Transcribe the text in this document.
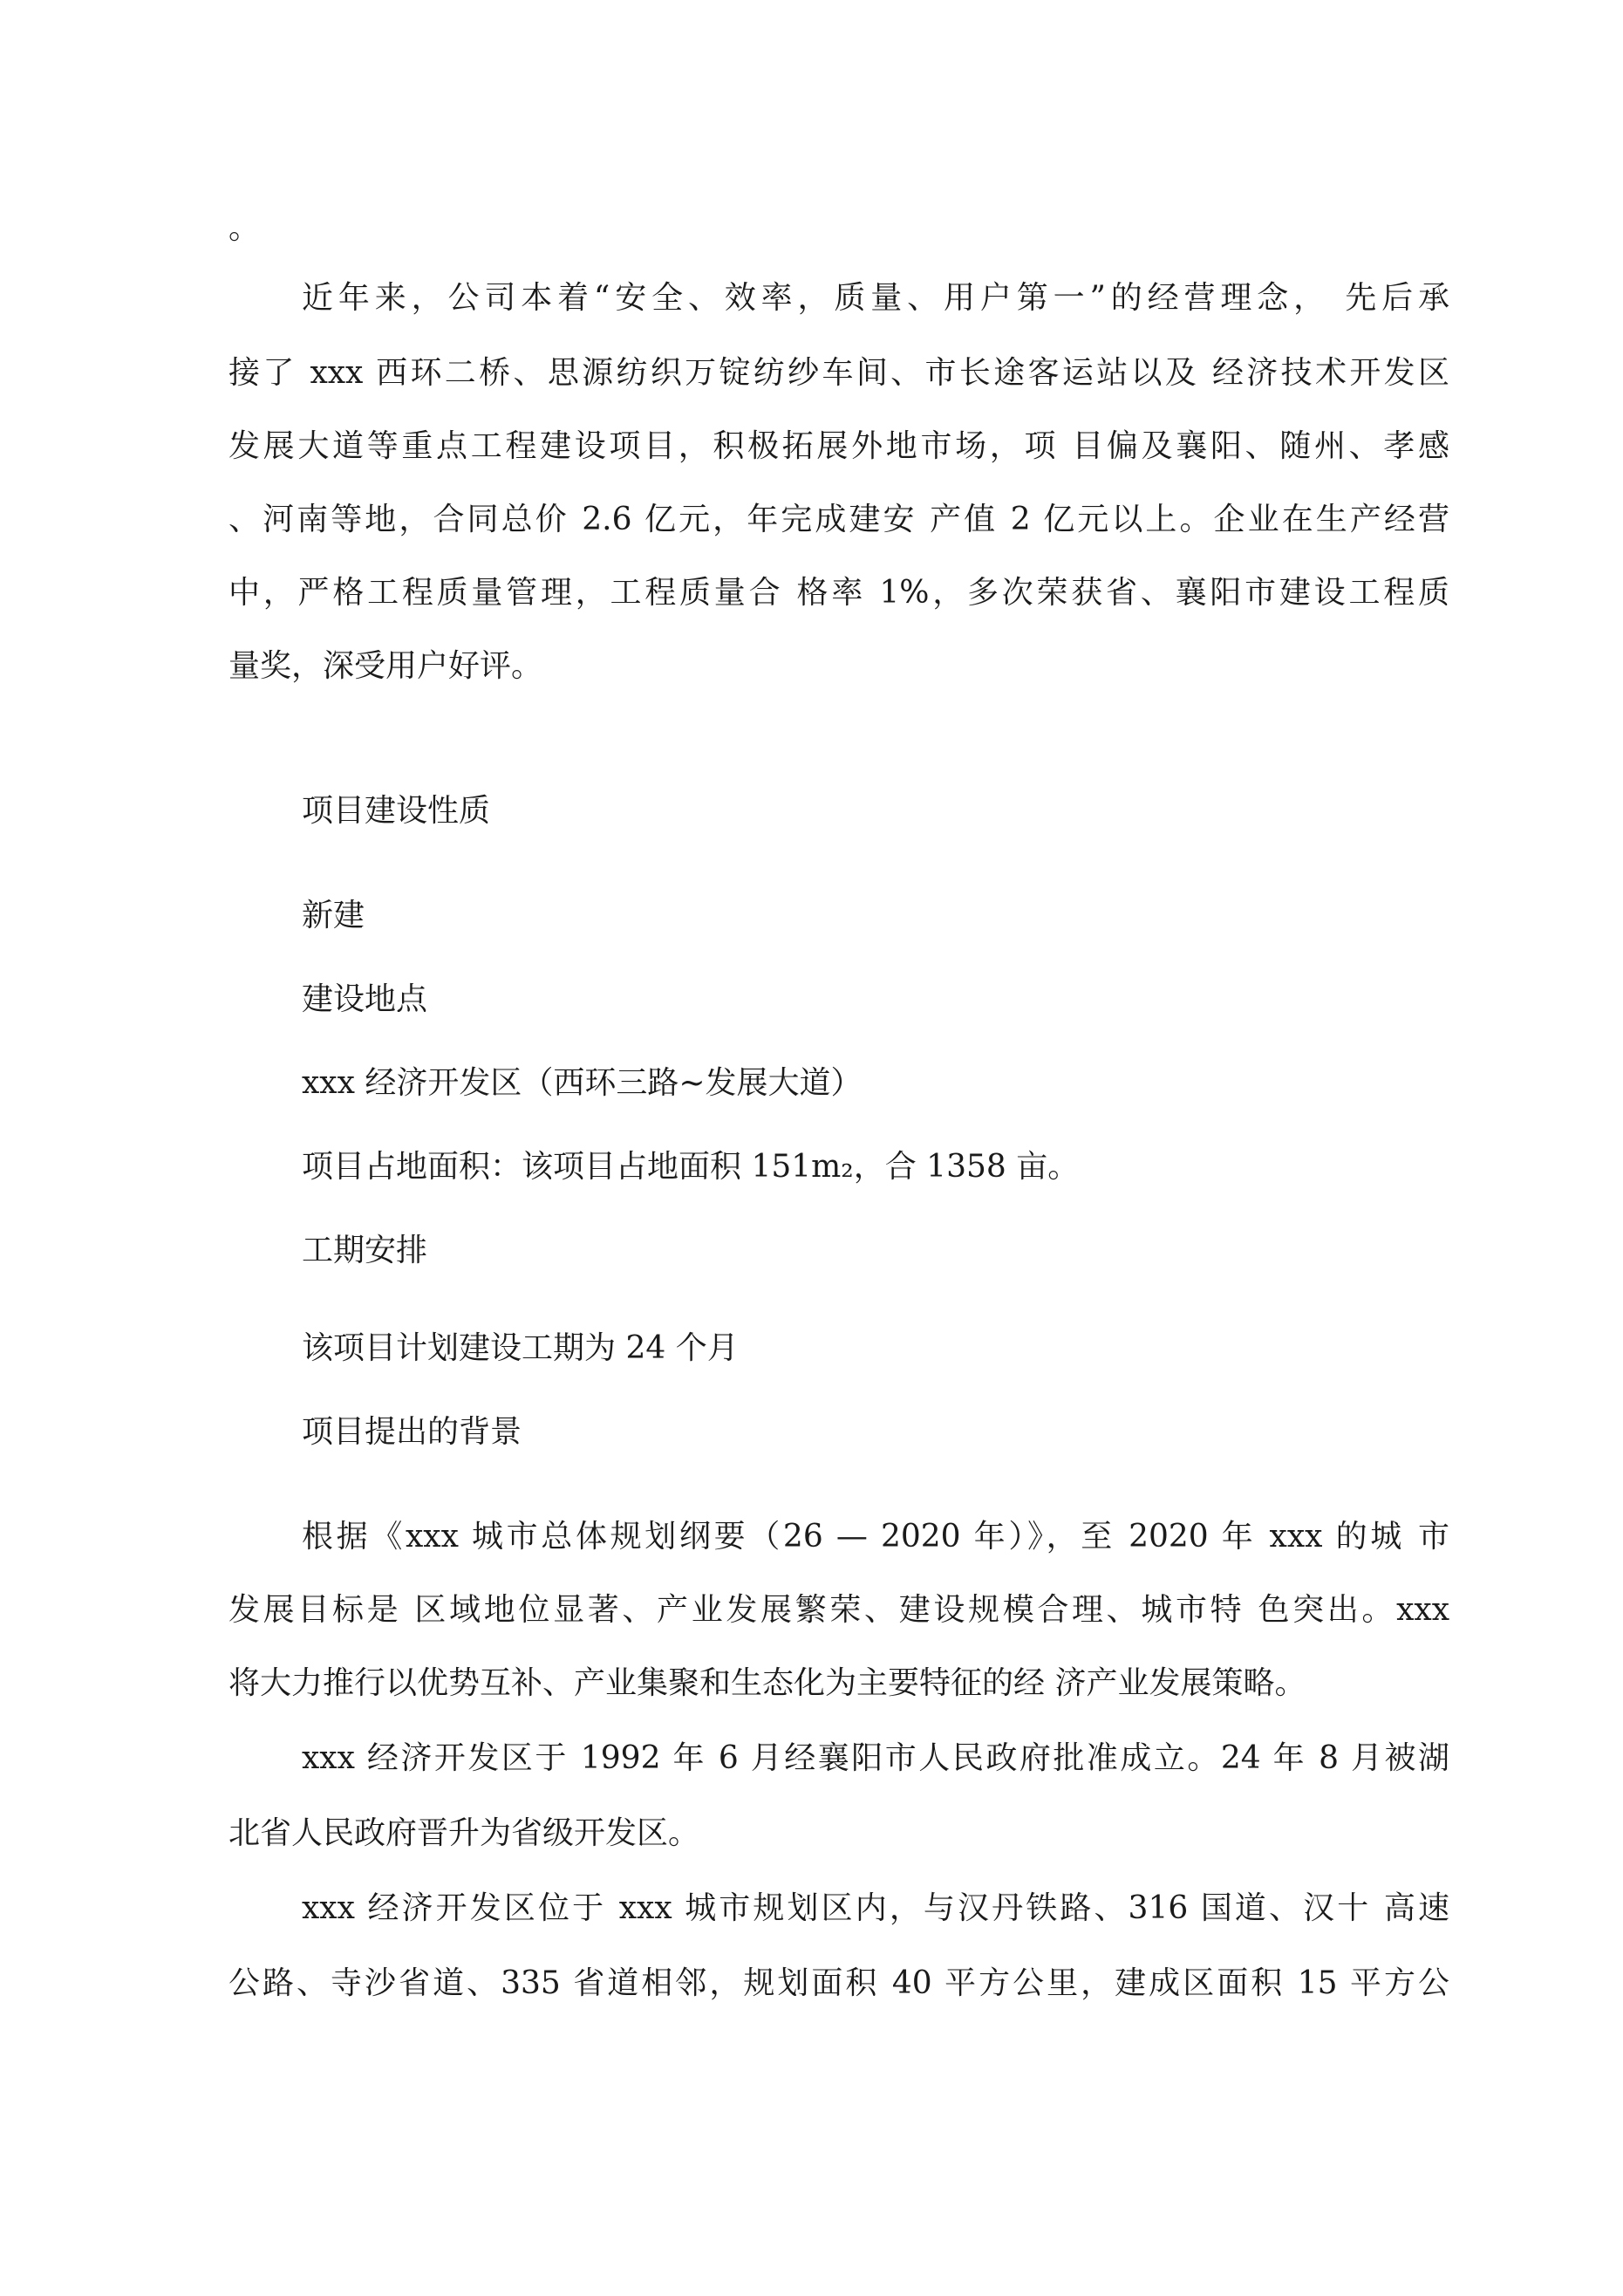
。
近年来，公司本着“安全、效率，质量、用户第一”的经营理念， 先后承
接了 xxx 西环二桥、思源纺织万锭纺纱车间、市长途客运站以及 经济技术开发区
发展大道等重点工程建设项目，积极拓展外地市场，项 目偏及襄阳、随州、孝感
、河南等地，合同总价 2.6 亿元，年完成建安 产值 2 亿元以上。企业在生产经营
中，严格工程质量管理，工程质量合 格率 1%，多次荣获省、襄阳市建设工程质
量奖，深受用户好评。
项目建设性质
新建
建设地点
xxx 经济开发区（西环三路~发展大道）
项目占地面积：该项目占地面积 151m₂，合 1358 亩。
工期安排
该项目计划建设工期为 24 个月
项目提出的背景
根据《xxx 城市总体规划纲要（26 — 2020 年）》，至 2020 年 xxx 的城 市
发展目标是 区域地位显著、产业发展繁荣、建设规模合理、城市特 色突出。xxx
将大力推行以优势互补、产业集聚和生态化为主要特征的经 济产业发展策略。
xxx 经济开发区于 1992 年 6 月经襄阳市人民政府批准成立。24 年 8 月被湖
北省人民政府晋升为省级开发区。
xxx 经济开发区位于 xxx 城市规划区内，与汉丹铁路、316 国道、汉十 高速
公路、寺沙省道、335 省道相邻，规划面积 40 平方公里，建成区面积 15 平方公
